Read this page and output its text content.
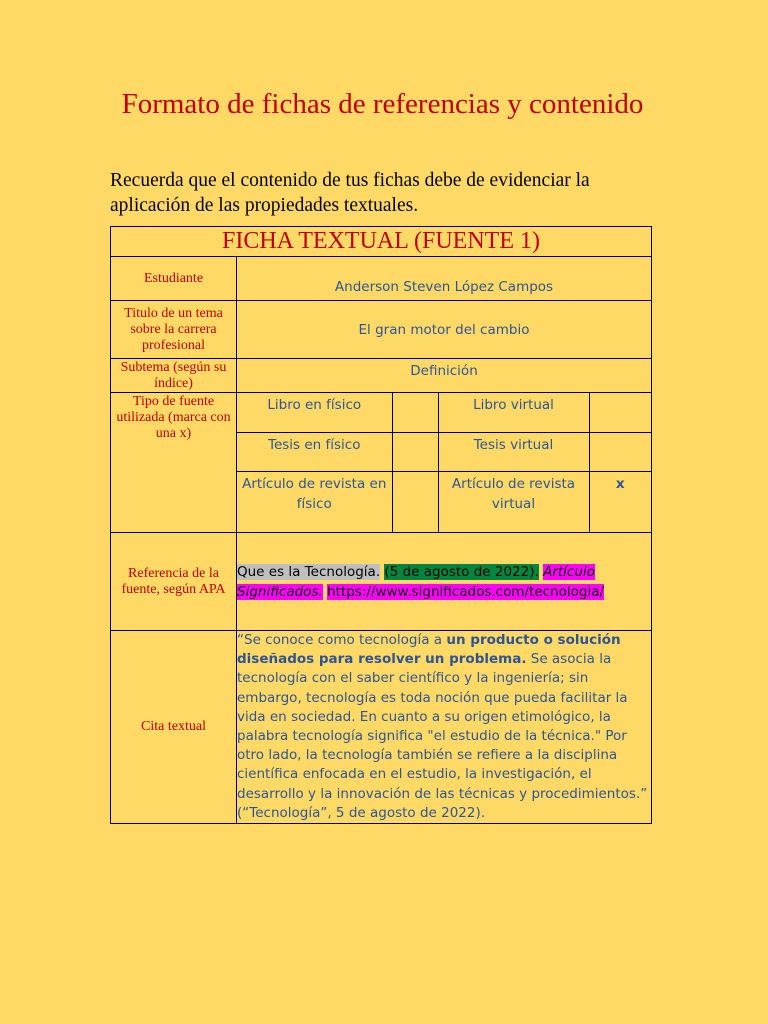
Formato de fichas de referencias y contenido
Recuerda que el contenido de tus fichas debe de evidenciar la aplicación de las propiedades textuales.
FICHA TEXTUAL (FUENTE 1)
Estudiante	Anderson Steven López Campos
Titulo de un tema sobre la carrera profesional	El gran motor del cambio
Subtema (según su índice)	Definición
Tipo de fuente utilizada (marca con una x)	
Libro en físico		Libro virtual	
Tesis en físico		Tesis virtual	
Artículo de revista en físico		Artículo de revista virtual	x

Referencia de la fuente, según APA	Que es la Tecnología. (5 de agosto de 2022). Artículo Significados. https://www.significados.com/tecnologia/
Cita textual	“Se conoce como tecnología a un producto o solución diseñados para resolver un problema. Se asocia la tecnología con el saber científico y la ingeniería; sin embargo, tecnología es toda noción que pueda facilitar la vida en sociedad. En cuanto a su origen etimológico, la palabra tecnología significa "el estudio de la técnica." Por otro lado, la tecnología también se refiere a la disciplina científica enfocada en el estudio, la investigación, el desarrollo y la innovación de las técnicas y procedimientos.” (“Tecnología”, 5 de agosto de 2022).
